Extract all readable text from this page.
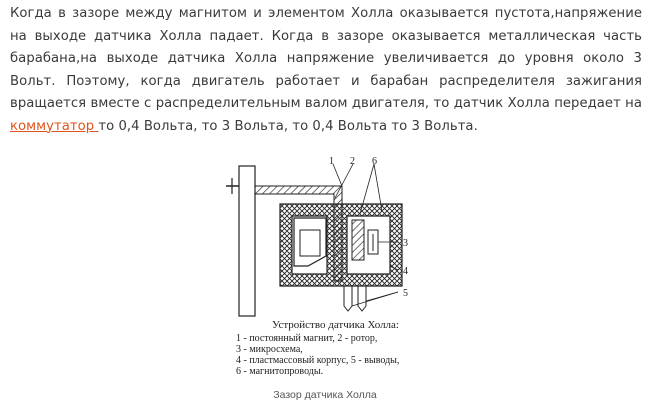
Когда в зазоре между магнитом и элементом Холла оказывается пустота,напряжение на выходе датчика Холла падает. Когда в зазоре оказывается металлическая часть барабана,на выходе датчика Холла напряжение увеличивается до уровня около 3 Вольт. Поэтому, когда двигатель работает и барабан распределителя зажигания вращается вместе с распределительным валом двигателя, то датчик Холла передает на коммутатор то 0,4 Вольта, то 3 Вольта, то 0,4 Вольта то 3 Вольта.
1 2 6
3
4
5
Устройство датчика Холла:
1 - постоянный магнит, 2 - ротор,
3 - микросхема,
4 - пластмассовый корпус, 5 - выводы,
6 - магнитопроводы.
Зазор датчика Холла
